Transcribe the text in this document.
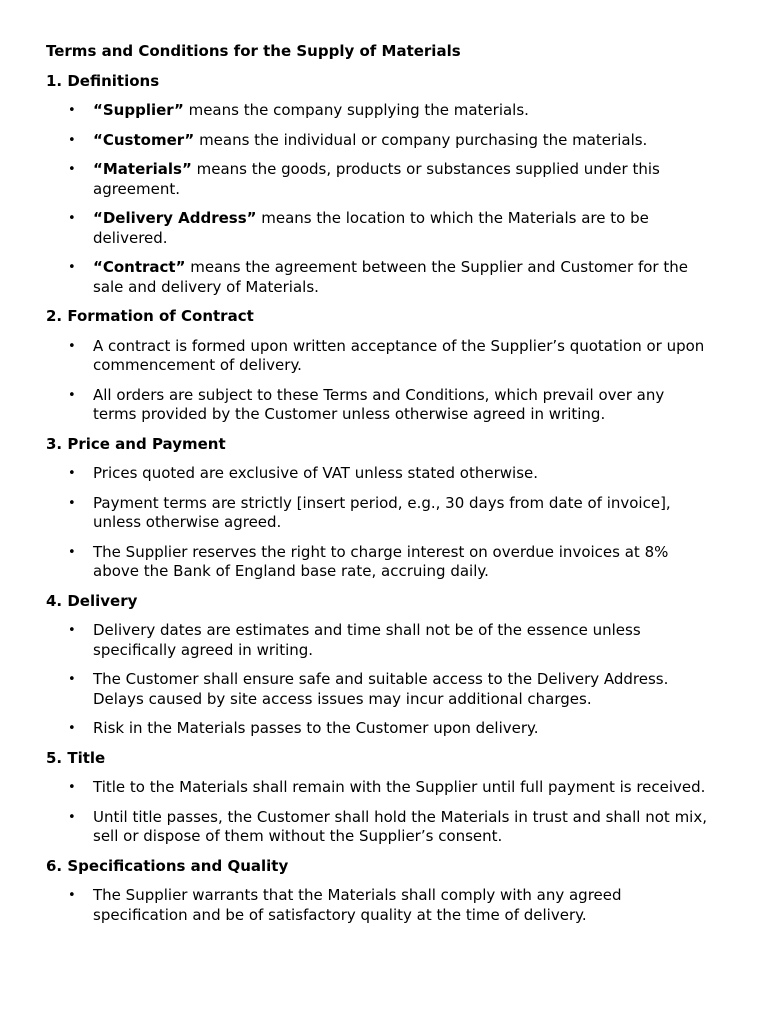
Terms and Conditions for the Supply of Materials
1. Definitions
• “Supplier” means the company supplying the materials.
• “Customer” means the individual or company purchasing the materials.
• “Materials” means the goods, products or substances supplied under this agreement.
• “Delivery Address” means the location to which the Materials are to be delivered.
• “Contract” means the agreement between the Supplier and Customer for the sale and delivery of Materials.
2. Formation of Contract
• A contract is formed upon written acceptance of the Supplier’s quotation or upon commencement of delivery.
• All orders are subject to these Terms and Conditions, which prevail over any terms provided by the Customer unless otherwise agreed in writing.
3. Price and Payment
• Prices quoted are exclusive of VAT unless stated otherwise.
• Payment terms are strictly [insert period, e.g., 30 days from date of invoice], unless otherwise agreed.
• The Supplier reserves the right to charge interest on overdue invoices at 8% above the Bank of England base rate, accruing daily.
4. Delivery
• Delivery dates are estimates and time shall not be of the essence unless specifically agreed in writing.
• The Customer shall ensure safe and suitable access to the Delivery Address. Delays caused by site access issues may incur additional charges.
• Risk in the Materials passes to the Customer upon delivery.
5. Title
• Title to the Materials shall remain with the Supplier until full payment is received.
• Until title passes, the Customer shall hold the Materials in trust and shall not mix, sell or dispose of them without the Supplier’s consent.
6. Specifications and Quality
• The Supplier warrants that the Materials shall comply with any agreed specification and be of satisfactory quality at the time of delivery.
